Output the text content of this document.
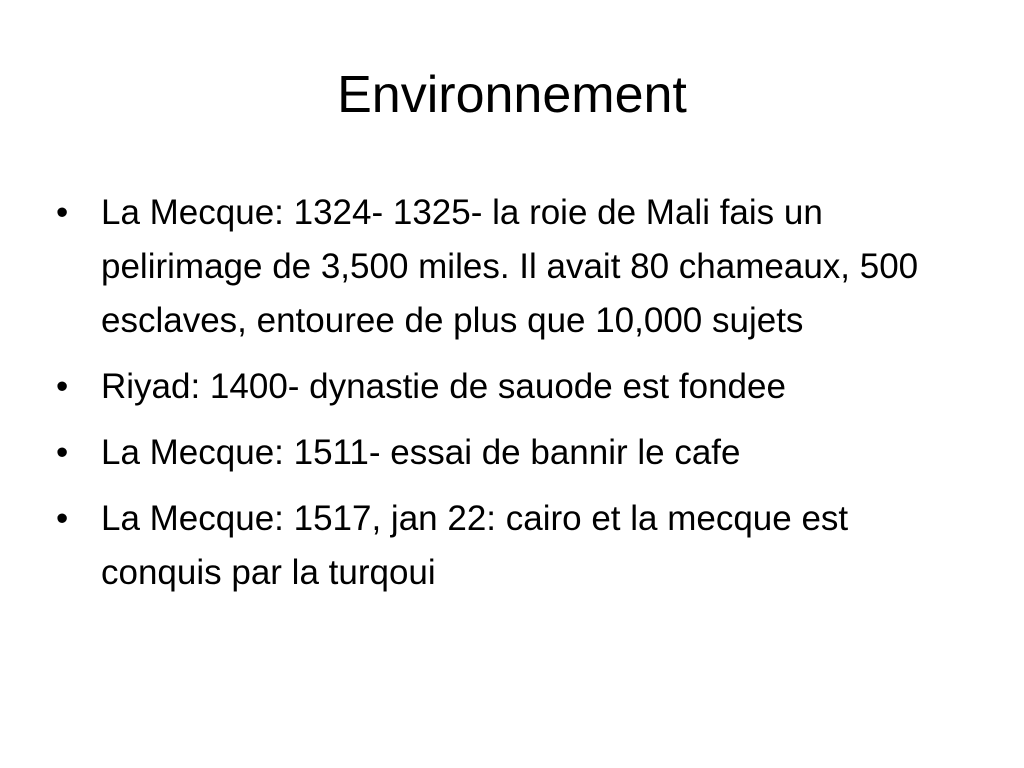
Environnement
• La Mecque: 1324- 1325- la roie de Mali fais un pelirimage de 3,500 miles. Il avait 80 chameaux, 500 esclaves, entouree de plus que 10,000 sujets
• Riyad: 1400- dynastie de sauode est fondee
• La Mecque: 1511- essai de bannir le cafe
• La Mecque: 1517, jan 22: cairo et la mecque est conquis par la turqoui
